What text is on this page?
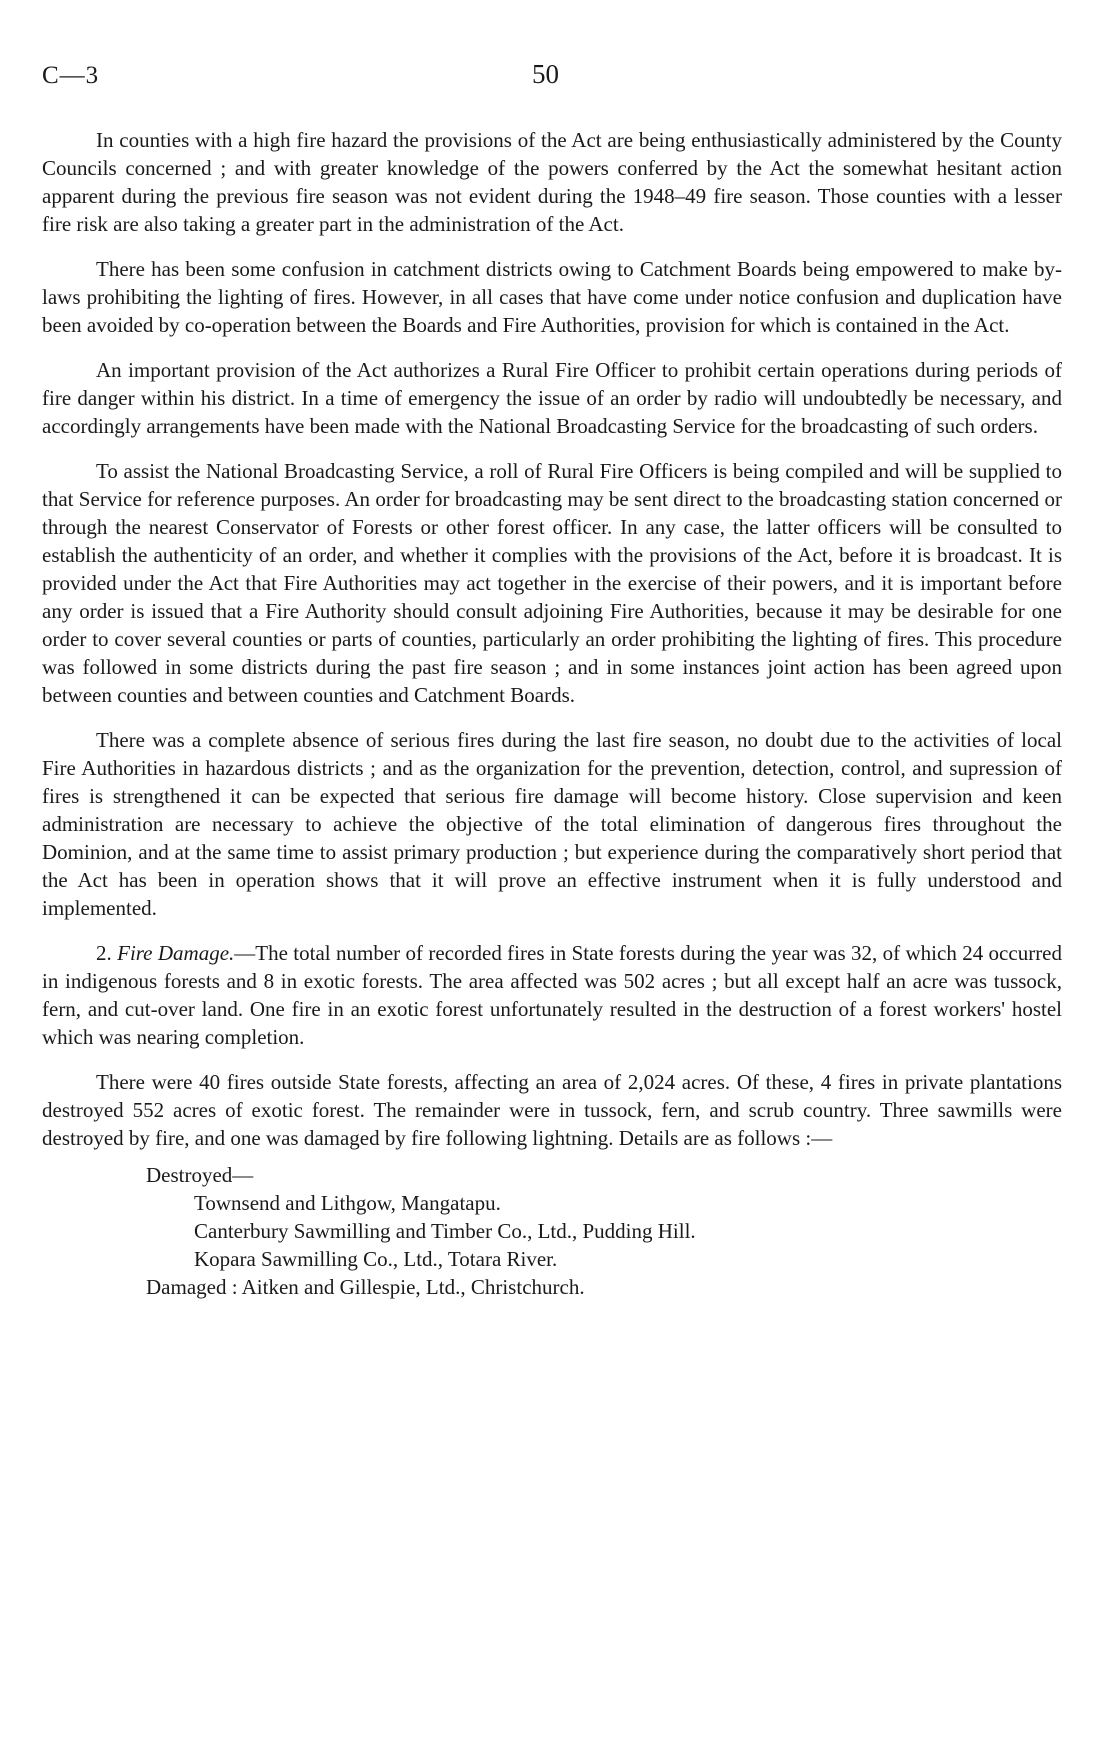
C—3	50

In counties with a high fire hazard the provisions of the Act are being enthusiastically administered by the County Councils concerned ; and with greater knowledge of the powers conferred by the Act the somewhat hesitant action apparent during the previous fire season was not evident during the 1948–49 fire season. Those counties with a lesser fire risk are also taking a greater part in the administration of the Act.

There has been some confusion in catchment districts owing to Catchment Boards being empowered to make by-laws prohibiting the lighting of fires. However, in all cases that have come under notice confusion and duplication have been avoided by co-operation between the Boards and Fire Authorities, provision for which is contained in the Act.

An important provision of the Act authorizes a Rural Fire Officer to prohibit certain operations during periods of fire danger within his district. In a time of emergency the issue of an order by radio will undoubtedly be necessary, and accordingly arrangements have been made with the National Broadcasting Service for the broadcasting of such orders.

To assist the National Broadcasting Service, a roll of Rural Fire Officers is being compiled and will be supplied to that Service for reference purposes. An order for broadcasting may be sent direct to the broadcasting station concerned or through the nearest Conservator of Forests or other forest officer. In any case, the latter officers will be consulted to establish the authenticity of an order, and whether it complies with the provisions of the Act, before it is broadcast. It is provided under the Act that Fire Authorities may act together in the exercise of their powers, and it is important before any order is issued that a Fire Authority should consult adjoining Fire Authorities, because it may be desirable for one order to cover several counties or parts of counties, particularly an order prohibiting the lighting of fires. This procedure was followed in some districts during the past fire season ; and in some instances joint action has been agreed upon between counties and between counties and Catchment Boards.

There was a complete absence of serious fires during the last fire season, no doubt due to the activities of local Fire Authorities in hazardous districts ; and as the organization for the prevention, detection, control, and supression of fires is strengthened it can be expected that serious fire damage will become history. Close supervision and keen administration are necessary to achieve the objective of the total elimination of dangerous fires throughout the Dominion, and at the same time to assist primary production ; but experience during the comparatively short period that the Act has been in operation shows that it will prove an effective instrument when it is fully understood and implemented.

2. Fire Damage.—The total number of recorded fires in State forests during the year was 32, of which 24 occurred in indigenous forests and 8 in exotic forests. The area affected was 502 acres ; but all except half an acre was tussock, fern, and cut-over land. One fire in an exotic forest unfortunately resulted in the destruction of a forest workers' hostel which was nearing completion.

There were 40 fires outside State forests, affecting an area of 2,024 acres. Of these, 4 fires in private plantations destroyed 552 acres of exotic forest. The remainder were in tussock, fern, and scrub country. Three sawmills were destroyed by fire, and one was damaged by fire following lightning. Details are as follows :—

Destroyed—
Townsend and Lithgow, Mangatapu.
Canterbury Sawmilling and Timber Co., Ltd., Pudding Hill.
Kopara Sawmilling Co., Ltd., Totara River.
Damaged : Aitken and Gillespie, Ltd., Christchurch.
